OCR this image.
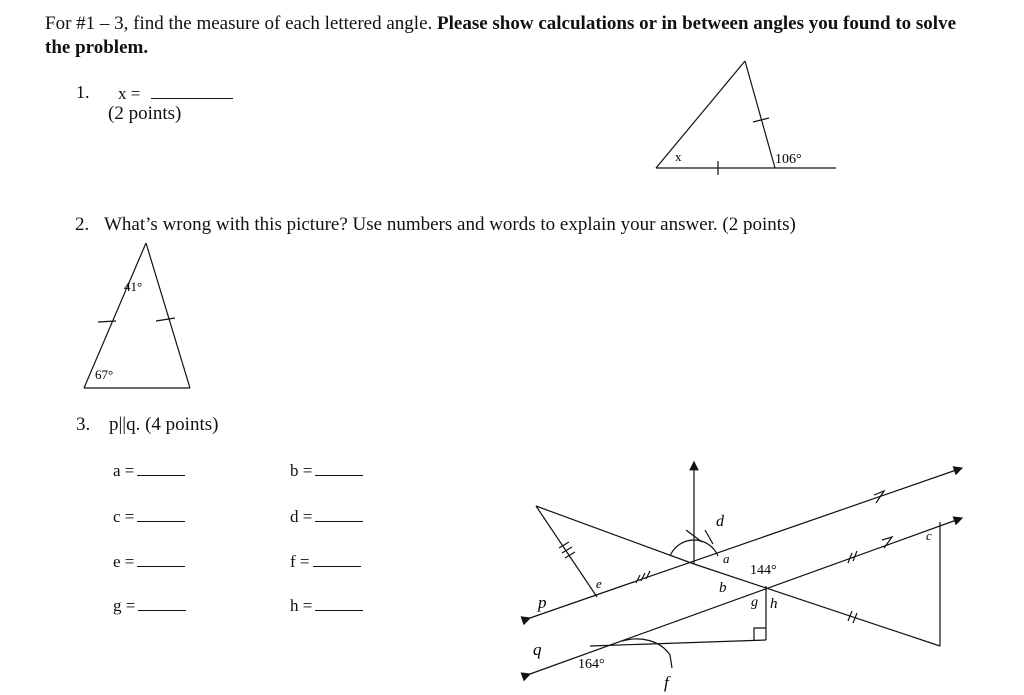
For #1 – 3, find the measure of each lettered angle. Please show calculations or in between angles you found to solve the problem.
1. x =
(2 points)
x	106°
2. What’s wrong with this picture? Use numbers and words to explain your answer. (2 points)
41°
67°
3. p||q. (4 points)
a =	b =
c =	d =
e =	f =
g =	h =	p
q
d
a
b
e
c
g h
f
144°
164°
